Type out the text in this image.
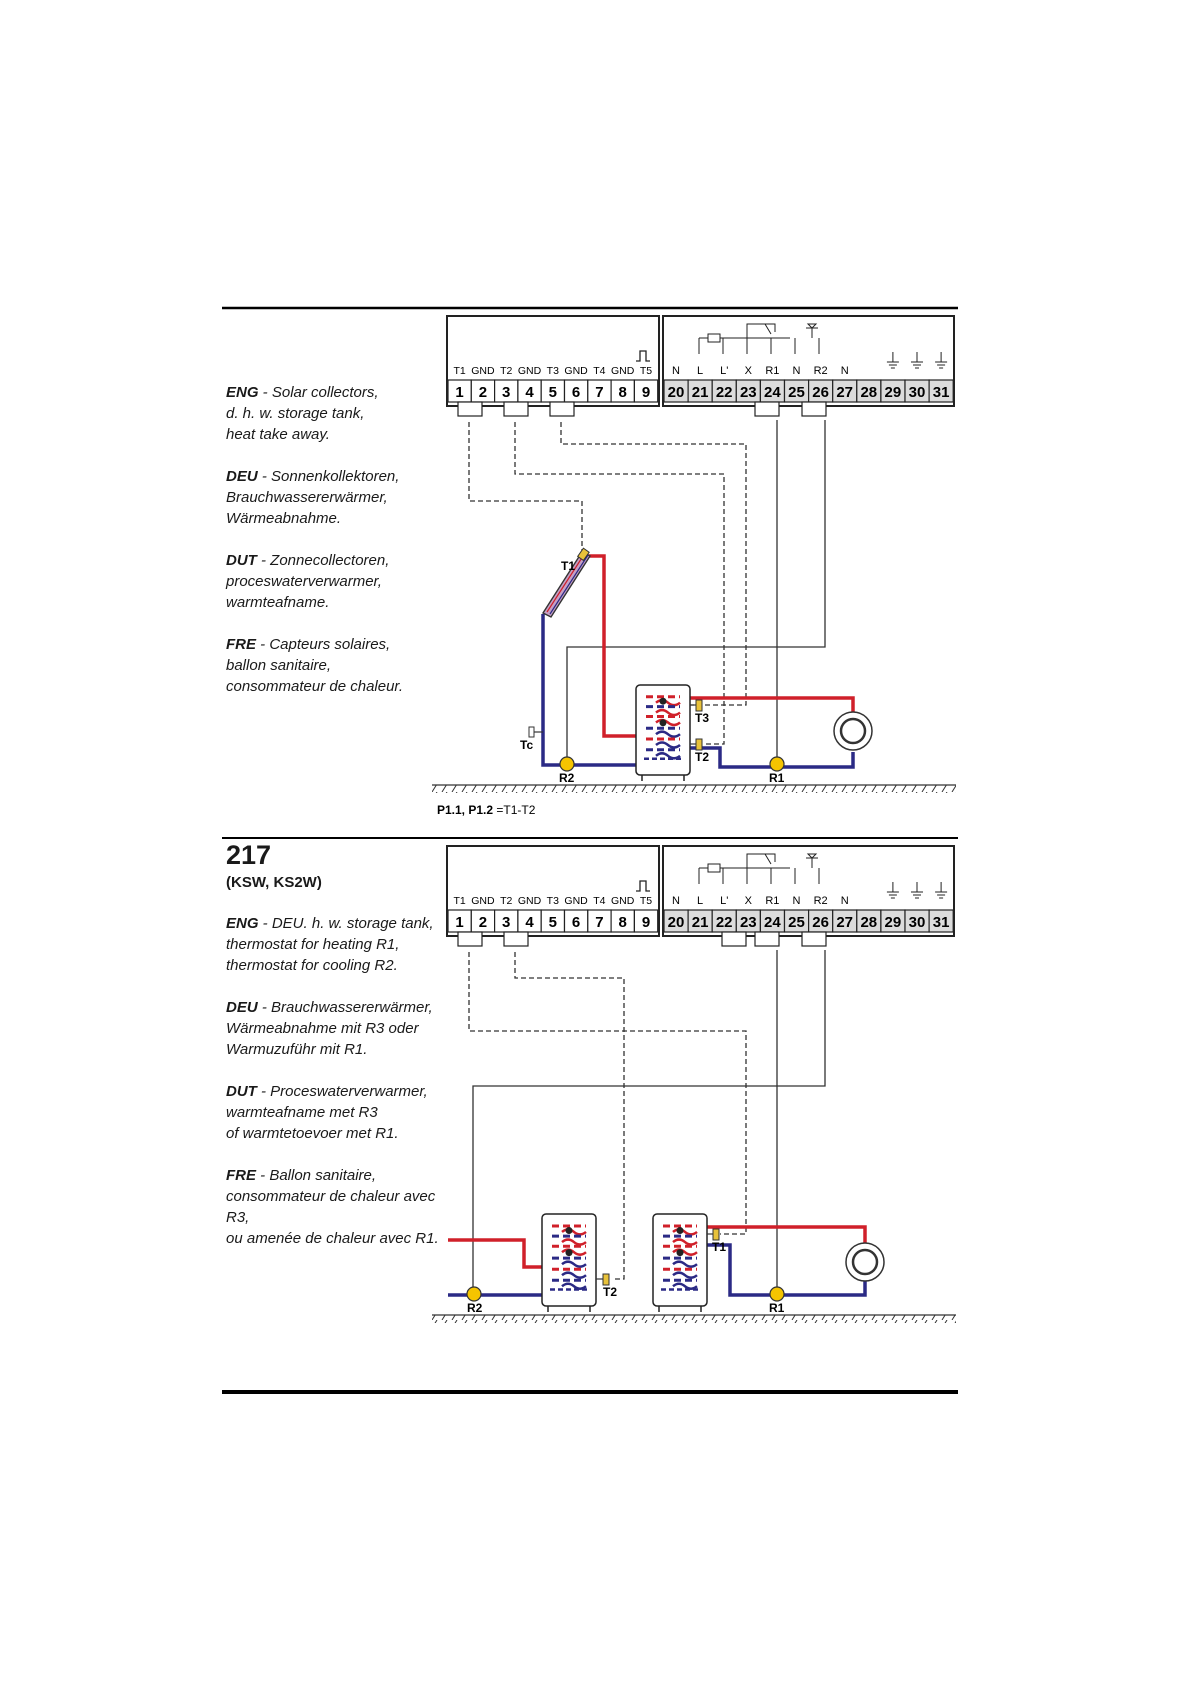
1
T1
2
GND
3
T2
4
GND
5
T3
6
GND
7
T4
8
GND
9
T5
20
N
21
L
22
L'
23
X
24
R1
25
N
26
R2
27
N
28 29 30 31
1
T1
2
GND
3
T2
4
GND
5
T3
6
GND
7
T4
8
GND
9
T5
20
N
21
L
22
L'
23
X
24
R1
25
N
26
R2
27
N
28 29 30 31
T1
Tc
T3
T2
R2	R1
P1.1, P1.2 =T1-T2
T2
T1
R2	R1
ENG - Solar collectors,
d. h. w. storage tank,
heat take away.
DEU - Sonnenkollektoren,
Brauchwassererwärmer,
Wärmeabnahme.
DUT - Zonnecollectoren,
proceswaterverwarmer,
warmteafname.
FRE - Capteurs solaires,
ballon sanitaire,
consommateur de chaleur.
217
(KSW, KS2W)
ENG - DEU. h. w. storage tank,
thermostat for heating R1,
thermostat for cooling R2.
DEU - Brauchwassererwärmer,
Wärmeabnahme mit R3 oder
Warmuzuführ mit R1.
DUT - Proceswaterverwarmer,
warmteafname met R3
of warmtetoevoer met R1.
FRE - Ballon sanitaire,
consommateur de chaleur avec R3,
ou amenée de chaleur avec R1.
